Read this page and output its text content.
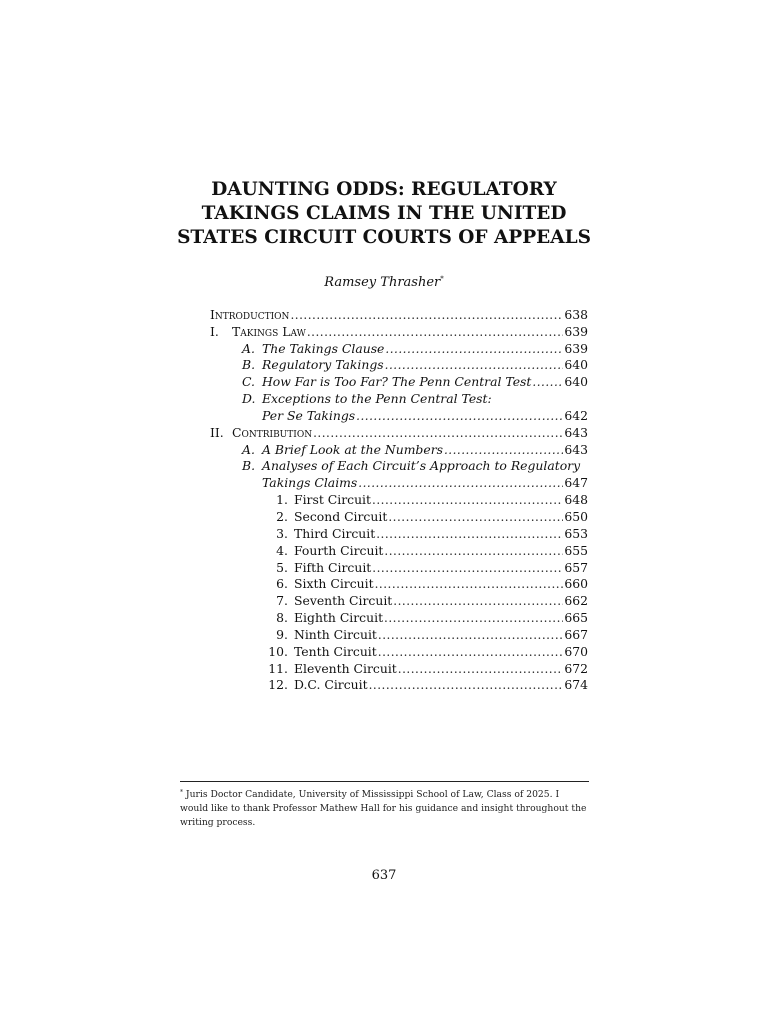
DAUNTING ODDS: REGULATORY
TAKINGS CLAIMS IN THE UNITED
STATES CIRCUIT COURTS OF APPEALS
Ramsey Thrasher*
Introduction .....	638
I. Takings Law .....	639
A. The Takings Clause .....	639
B. Regulatory Takings .....	640
C. How Far is Too Far? The Penn Central Test .....	640
D. Exceptions to the Penn Central Test:
Per Se Takings .....	642
II. Contribution .....	643
A. A Brief Look at the Numbers .....	643
B. Analyses of Each Circuit’s Approach to Regulatory
Takings Claims .....	647
1. First Circuit .....	648
2. Second Circuit .....	650
3. Third Circuit .....	653
4. Fourth Circuit .....	655
5. Fifth Circuit .....	657
6. Sixth Circuit .....	660
7. Seventh Circuit .....	662
8. Eighth Circuit .....	665
9. Ninth Circuit .....	667
10. Tenth Circuit .....	670
11. Eleventh Circuit .....	672
12. D.C. Circuit .....	674
* Juris Doctor Candidate, University of Mississippi School of Law, Class of 2025. I would like to thank Professor Mathew Hall for his guidance and insight throughout the writing process.
637
